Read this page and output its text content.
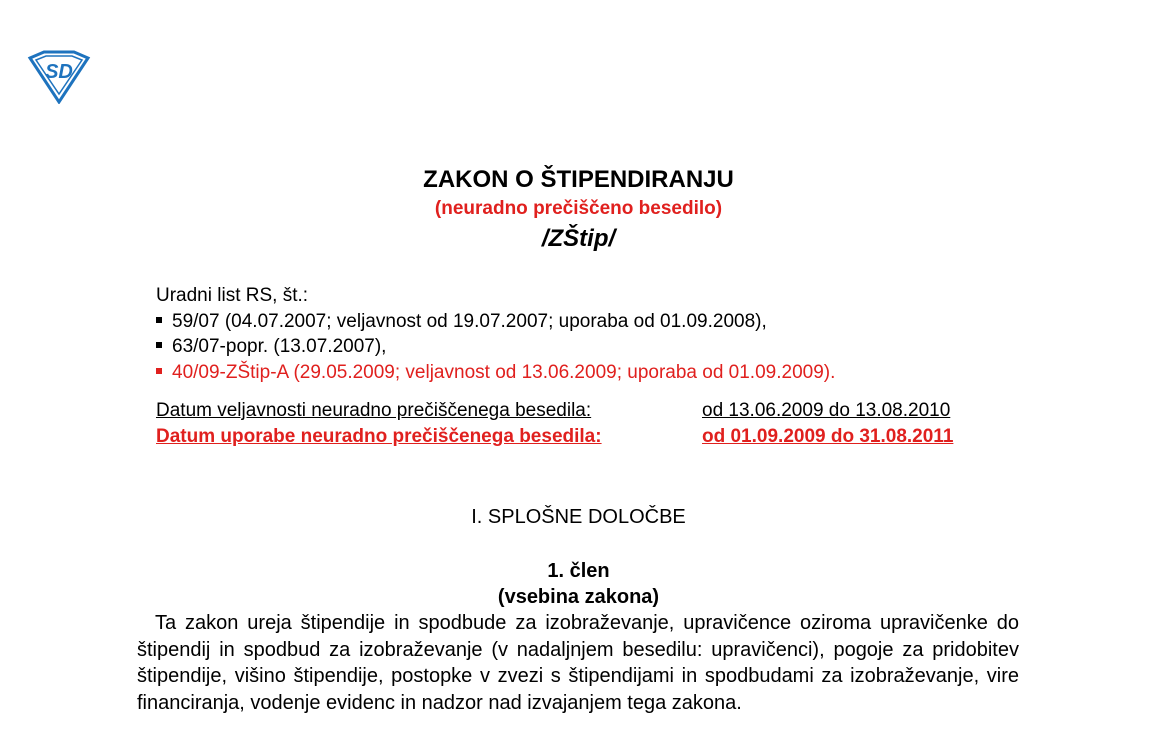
SD
ZAKON O ŠTIPENDIRANJU
(neuradno prečiščeno besedilo)
/ZŠtip/
Uradni list RS, št.:
59/07 (04.07.2007; veljavnost od 19.07.2007; uporaba od 01.09.2008),
63/07-popr. (13.07.2007),
40/09-ZŠtip-A (29.05.2009; veljavnost od 13.06.2009; uporaba od 01.09.2009).
Datum veljavnosti neuradno prečiščenega besedila:	od 13.06.2009 do 13.08.2010
Datum uporabe neuradno prečiščenega besedila:	od 01.09.2009 do 31.08.2011
I. SPLOŠNE DOLOČBE
1. člen
(vsebina zakona)
Ta zakon ureja štipendije in spodbude za izobraževanje, upravičence oziroma upravičenke do štipendij in spodbud za izobraževanje (v nadaljnjem besedilu: upravičenci), pogoje za pridobitev štipendije, višino štipendije, postopke v zvezi s štipendijami in spodbudami za izobraževanje, vire financiranja, vodenje evidenc in nadzor nad izvajanjem tega zakona.
